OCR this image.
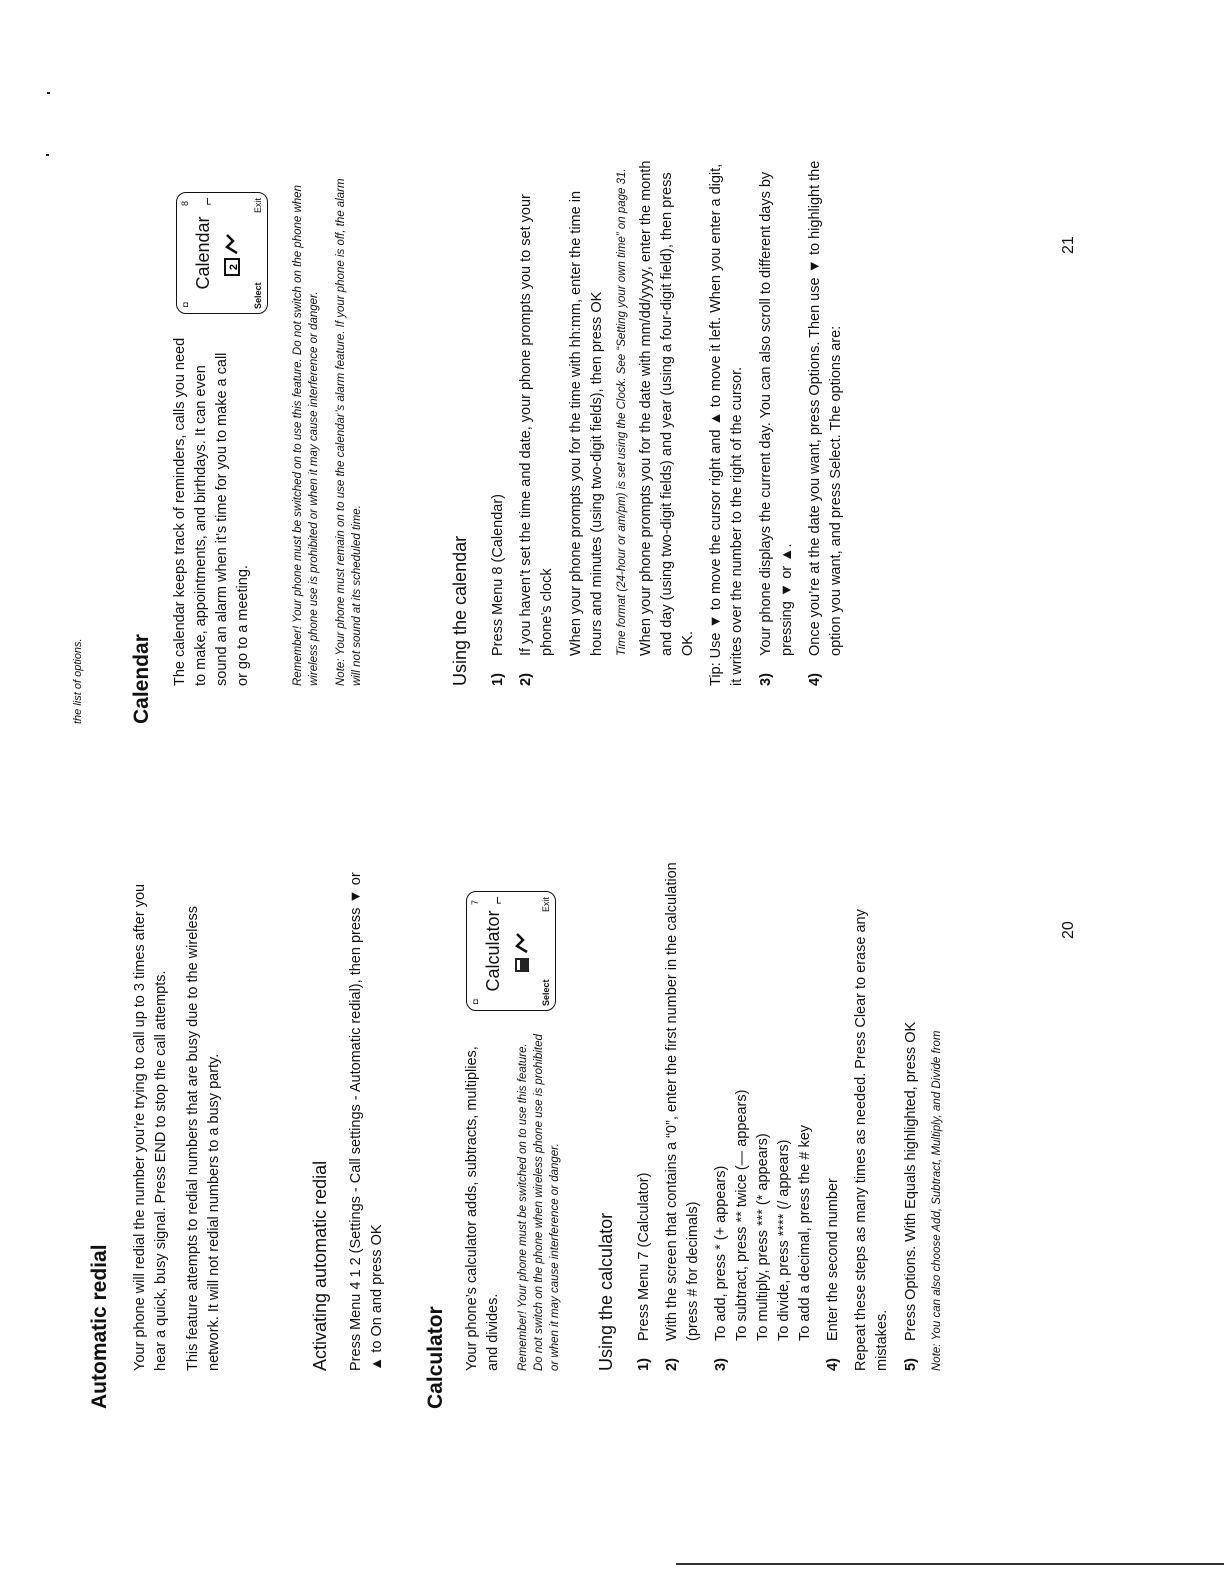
Automatic redial Your phone will redial the number you’re trying to call up to 3 times after you hear a quick, busy signal. Press END to stop the call attempts. This feature attempts to redial numbers that are busy due to the wireless network. It will not redial numbers to a busy party.	Activating automatic redial Press Menu 4 1 2 (Settings - Call settings - Automatic redial), then press ▼ or ▲ to On and press OK Calculator Your phone’s calculator adds, subtracts, multiplies, and divides. Remember! Your phone must be switched on to use this feature. Do not switch on the phone when wireless phone use is prohibited or when it may cause interference or danger.

◘
7
Calculator
Select
Exit
⌐
Using the calculator 1)
Press Menu 7 (Calculator)
2)
With the screen that contains a “0”, enter the first number in the calculation (press # for decimals)
3)
To add, press * (+ appears) To subtract, press ** twice (— appears) To multiply, press *** (* appears) To divide, press **** (/ appears) To add a decimal, press the # key
4)
Enter the second number Repeat these steps as many times as needed. Press Clear to erase any mistakes. 5)
Press Options. With Equals highlighted, press OK Note: You can also choose Add, Subtract, Multiply, and Divide from

20
the list of options. Calendar The calendar keeps track of reminders, calls you need to make, appointments, and birthdays. It can even sound an alarm when it’s time for you to make a call or go to a meeting.

◘
8
Calendar 2
Select
Exit
⌐	Remember! Your phone must be switched on to use this feature. Do not switch on the phone when wireless phone use is prohibited or when it may cause interference or danger. Note: Your phone must remain on to use the calendar’s alarm feature. If your phone is off, the alarm will not sound at its scheduled time.	Using the calendar 1)
Press Menu 8 (Calendar)
2)
If you haven’t set the time and date, your phone prompts you to set your phone’s clock When your phone prompts you for the time with hh:mm, enter the time in hours and minutes (using two-digit fields), then press OK Time format (24-hour or am/pm) is set using the Clock. See “Setting your own time” on page 31. When your phone prompts you for the date with mm/dd/yyyy, enter the month and day (using two-digit fields) and year (using a four-digit field), then press OK. Tip: Use ▼ to move the cursor right and ▲ to move it left. When you enter a digit, it writes over the number to the right of the cursor. 3)
Your phone displays the current day. You can also scroll to different days by pressing ▼ or ▲.
4)
Once you’re at the date you want, press Options. Then use ▼ to highlight the option you want, and press Select. The options are:
21
